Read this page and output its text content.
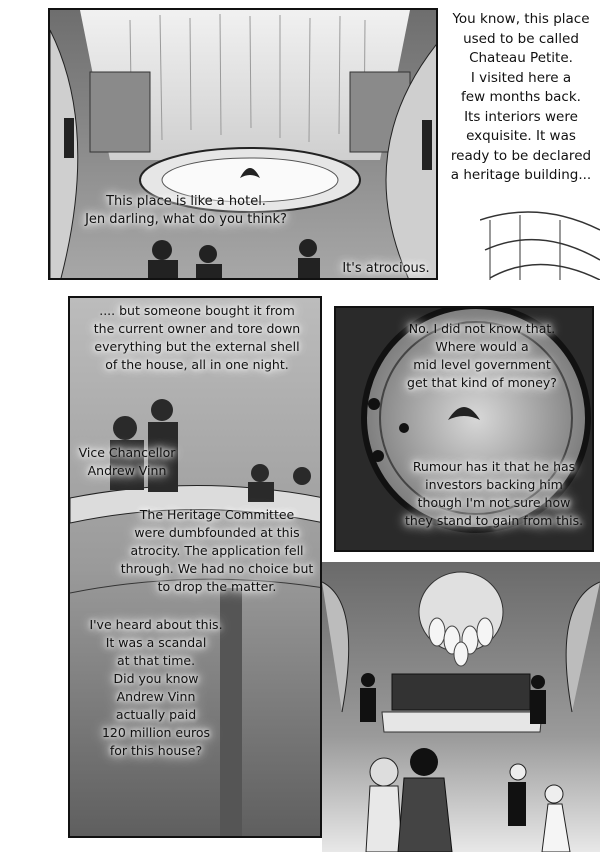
This place is like a hotel.
Jen darling, what do you think?
It's atrocious.
You know, this place
used to be called
Chateau Petite.
I visited here a
few months back.
Its interiors were
exquisite. It was
ready to be declared
a heritage building...
.... but someone bought it from
the current owner and tore down
everything but the external shell
of the house, all in one night.
Vice Chancellor
Andrew Vinn
The Heritage Committee
were dumbfounded at this
atrocity. The application fell
through. We had no choice but
to drop the matter.
I've heard about this.
It was a scandal
at that time.
Did you know
Andrew Vinn
actually paid
120 million euros
for this house?
No. I did not know that.
Where would a
mid level government
get that kind of money?
Rumour has it that he has
investors backing him
though I'm not sure how
they stand to gain from this.
